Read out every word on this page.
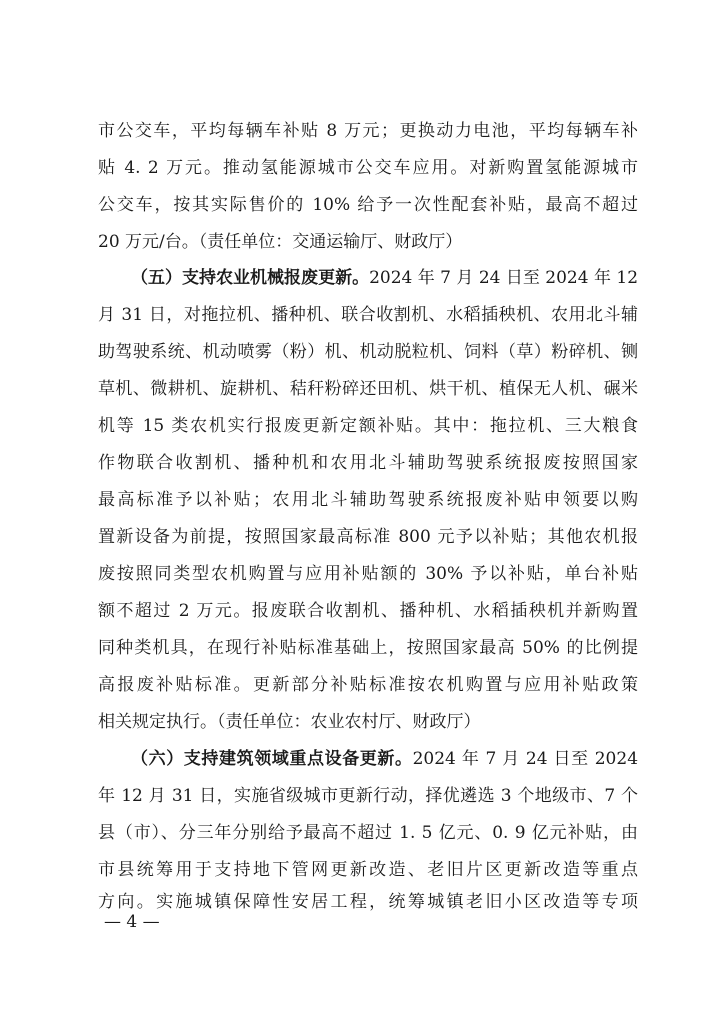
市公交车，平均每辆车补贴 8 万元；更换动力电池，平均每辆车补
贴 4. 2 万元。推动氢能源城市公交车应用。对新购置氢能源城市
公交车，按其实际售价的 10% 给予一次性配套补贴，最高不超过
20 万元/台。（责任单位：交通运输厅、财政厅）
（五）支持农业机械报废更新。2024 年 7 月 24 日至 2024 年 12
月 31 日，对拖拉机、播种机、联合收割机、水稻插秧机、农用北斗辅
助驾驶系统、机动喷雾（粉）机、机动脱粒机、饲料（草）粉碎机、铡
草机、微耕机、旋耕机、秸秆粉碎还田机、烘干机、植保无人机、碾米
机等 15 类农机实行报废更新定额补贴。其中：拖拉机、三大粮食
作物联合收割机、播种机和农用北斗辅助驾驶系统报废按照国家
最高标准予以补贴；农用北斗辅助驾驶系统报废补贴申领要以购
置新设备为前提，按照国家最高标准 800 元予以补贴；其他农机报
废按照同类型农机购置与应用补贴额的 30% 予以补贴，单台补贴
额不超过 2 万元。报废联合收割机、播种机、水稻插秧机并新购置
同种类机具，在现行补贴标准基础上，按照国家最高 50% 的比例提
高报废补贴标准。更新部分补贴标准按农机购置与应用补贴政策
相关规定执行。（责任单位：农业农村厅、财政厅）
（六）支持建筑领域重点设备更新。2024 年 7 月 24 日至 2024
年 12 月 31 日，实施省级城市更新行动，择优遴选 3 个地级市、7 个
县（市）、分三年分别给予最高不超过 1. 5 亿元、0. 9 亿元补贴，由
市县统筹用于支持地下管网更新改造、老旧片区更新改造等重点
方向。实施城镇保障性安居工程，统筹城镇老旧小区改造等专项
— 4 —
